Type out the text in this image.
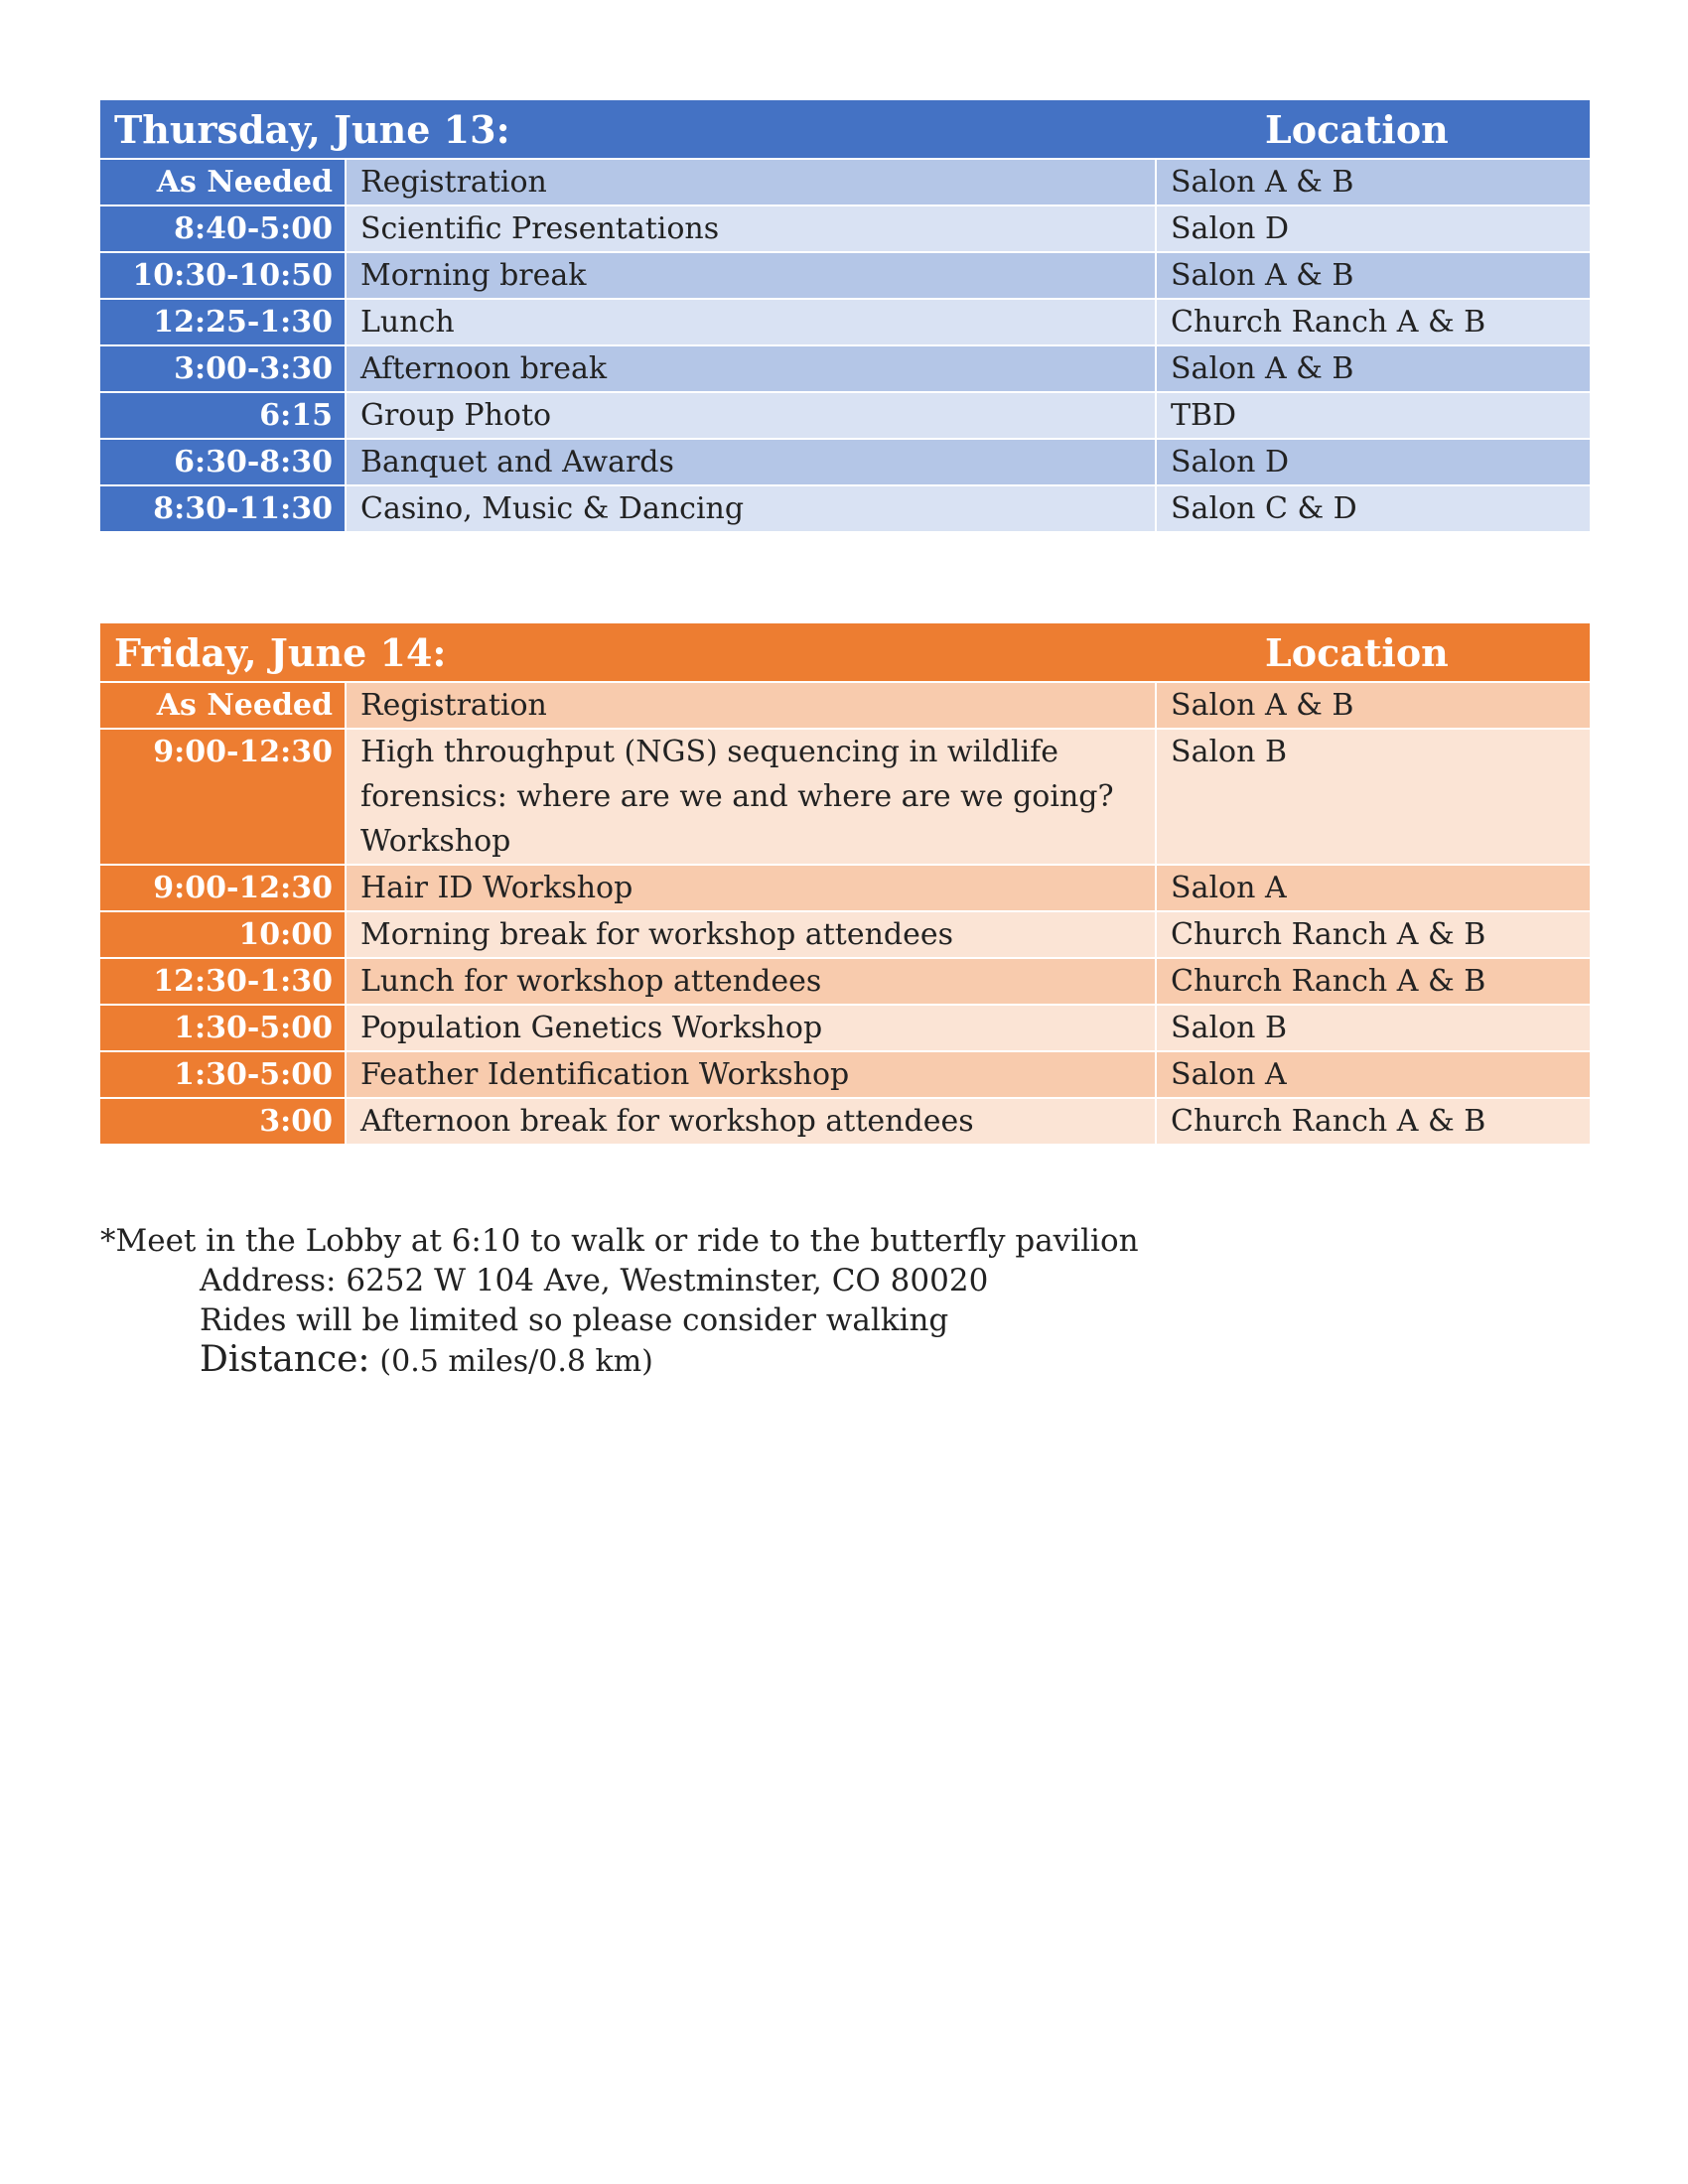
Thursday, June 13:		Location
As Needed	Registration	Salon A & B
8:40-5:00	Scientific Presentations	Salon D
10:30-10:50	Morning break	Salon A & B
12:25-1:30	Lunch	Church Ranch A & B
3:00-3:30	Afternoon break	Salon A & B
6:15	Group Photo	TBD
6:30-8:30	Banquet and Awards	Salon D
8:30-11:30	Casino, Music & Dancing	Salon C & D
Friday, June 14:		Location
As Needed	Registration	Salon A & B
9:00-12:30	High throughput (NGS) sequencing in wildlife forensics: where are we and where are we going? Workshop	Salon B
9:00-12:30	Hair ID Workshop	Salon A
10:00	Morning break for workshop attendees	Church Ranch A & B
12:30-1:30	Lunch for workshop attendees	Church Ranch A & B
1:30-5:00	Population Genetics Workshop	Salon B
1:30-5:00	Feather Identification Workshop	Salon A
3:00	Afternoon break for workshop attendees	Church Ranch A & B
*Meet in the Lobby at 6:10 to walk or ride to the butterfly pavilion
Address: 6252 W 104 Ave, Westminster, CO 80020
Rides will be limited so please consider walking
Distance: (0.5 miles/0.8 km)
